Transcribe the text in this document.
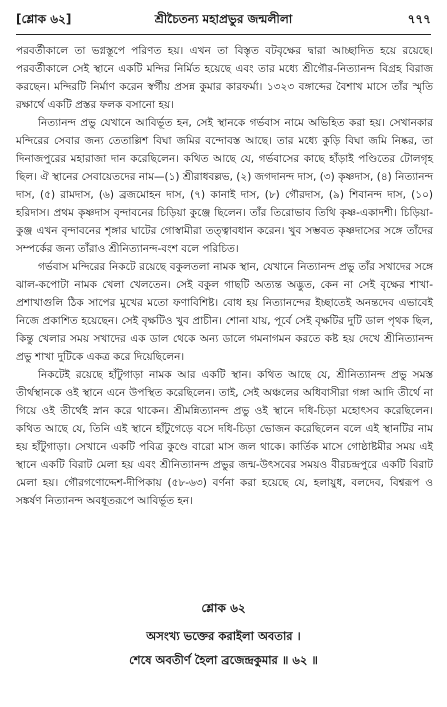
[শ্লোক ৬২]	শ্রীচৈতন্য মহাপ্রভুর জন্মলীলা	৭৭৭

পরবর্তীকালে তা ভগ্নস্তূপে পরিণত হয়। এখন তা বিস্তৃত বটবৃক্ষের দ্বারা আচ্ছাদিত হয়ে রয়েছে। পরবর্তীকালে সেই স্থানে একটি মন্দির নির্মিত হয়েছে এবং তার মধ্যে শ্রীগৌর-নিত্যানন্দ বিগ্রহ বিরাজ করছেন। মন্দিরটি নির্মাণ করেন স্বর্গীয় প্রসন্ন কুমার কারফর্মা। ১৩২৩ বঙ্গাব্দের বৈশাখ মাসে তাঁর স্মৃতি রক্ষার্থে একটি প্রস্তর ফলক বসানো হয়।

নিত্যানন্দ প্রভু যেখানে আবির্ভূত হন, সেই স্থানকে গর্ভবাস নামে অভিহিত করা হয়। সেখানকার মন্দিরের সেবার জন্য তেতাল্লিশ বিঘা জমির বন্দোবস্ত আছে। তার মধ্যে কুড়ি বিঘা জমি নিষ্কর, তা দিনাজপুরের মহারাজা দান করেছিলেন। কথিত আছে যে, গর্ভবাসের কাছে হাঁড়াই পণ্ডিতের টোলগৃহ ছিল। ঐ স্থানের সেবায়েতদের নাম—(১) শ্রীরাধবল্লভ, (২) জগদানন্দ দাস, (৩) কৃষ্ণদাস, (৪) নিত্যানন্দ দাস, (৫) রামদাস, (৬) ব্রজমোহন দাস, (৭) কানাই দাস, (৮) গৌরদাস, (৯) শিবানন্দ দাস, (১০) হরিদাস। প্রথম কৃষ্ণদাস বৃন্দাবনের চিড়িয়া কুঞ্জে ছিলেন। তাঁর তিরোভাব তিথি কৃষ্ণ-একাদশী। চিড়িয়া-কুঞ্জ এখন বৃন্দাবনের শৃঙ্গার ঘাটের গোস্বামীরা তত্ত্বাবধান করেন। খুব সম্ভবত কৃষ্ণদাসের সঙ্গে তাঁদের সম্পর্কের জন্য তাঁরাও শ্রীনিত্যানন্দ-বংশ বলে পরিচিত।

গর্ভবাস মন্দিরের নিকটে রয়েছে বকুলতলা নামক স্থান, যেখানে নিত্যানন্দ প্রভু তাঁর সখাদের সঙ্গে ঝাল-কপোটা নামক খেলা খেলতেন। সেই বকুল গাছটি অত্যন্ত অদ্ভুত, কেন না সেই বৃক্ষের শাখা-প্রশাখাগুলি ঠিক সাপের মুখের মতো ফণাবিশিষ্ট। বোধ হয় নিত্যানন্দের ইচ্ছাতেই অনন্তদেব এভাবেই নিজে প্রকাশিত হয়েছেন। সেই বৃক্ষটিও খুব প্রাচীন। শোনা যায়, পূর্বে সেই বৃক্ষটির দুটি ডাল পৃথক ছিল, কিন্তু খেলার সময় সখাদের এক ডাল থেকে অন্য ডালে গমনাগমন করতে কষ্ট হয় দেখে শ্রীনিত্যানন্দ প্রভু শাখা দুটিকে একত্র করে দিয়েছিলেন।

নিকটেই রয়েছে হাঁটুগাড়া নামক আর একটি স্থান। কথিত আছে যে, শ্রীনিত্যানন্দ প্রভু সমস্ত তীর্থস্থানকে ওই স্থানে এনে উপস্থিত করেছিলেন। তাই, সেই অঞ্চলের অধিবাসীরা গঙ্গা আদি তীর্থে না গিয়ে ওই তীর্থেই স্নান করে থাকেন। শ্রীমন্নিত্যানন্দ প্রভু ওই স্থানে দধি-চিড়া মহোৎসব করেছিলেন। কথিত আছে যে, তিনি এই স্থানে হাঁটুগেড়ে বসে দধি-চিড়া ভোজন করেছিলেন বলে এই স্থানটির নাম হয় হাঁটুগাড়া। সেখানে একটি পবিত্র কুণ্ডে বারো মাস জল থাকে। কার্তিক মাসে গোষ্ঠাষ্টমীর সময় এই স্থানে একটি বিরাট মেলা হয় এবং শ্রীনিত্যানন্দ প্রভুর জন্ম-উৎসবের সময়ও বীরচন্দ্রপুরে একটি বিরাট মেলা হয়। গৌরগণোদ্দেশ-দীপিকায় (৫৮-৬৩) বর্ণনা করা হয়েছে যে, হলায়ুধ, বলদেব, বিশ্বরূপ ও সঙ্কর্ষণ নিত্যানন্দ অবধূতরূপে আবির্ভূত হন।

শ্লোক ৬২
অসংখ্য ভক্তের করাইলা অবতার ।
শেষে অবতীর্ণ হৈলা ব্রজেন্দ্রকুমার ॥ ৬২ ॥
